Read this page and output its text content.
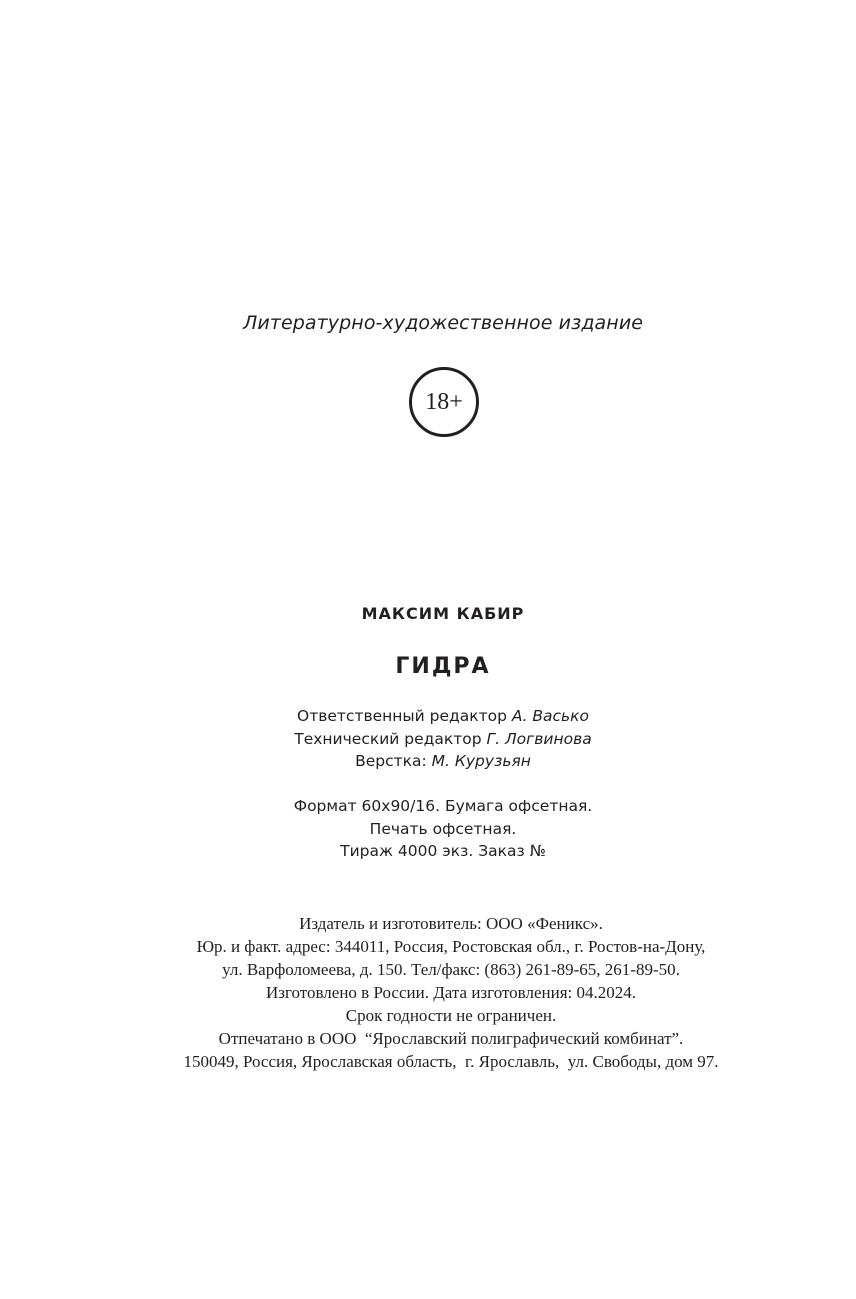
Литературно-художественное издание
18+
МАКСИМ КАБИР
ГИДРА
Ответственный редактор А. Васько
Технический редактор Г. Логвинова
Верстка: М. Курузьян
Формат 60x90/16. Бумага офсетная.
Печать офсетная.
Тираж 4000 экз. Заказ №
Издатель и изготовитель: ООО «Феникс».
Юр. и факт. адрес: 344011, Россия, Ростовская обл., г. Ростов-на-Дону,
ул. Варфоломеева, д. 150. Тел/факс: (863) 261-89-65, 261-89-50.
Изготовлено в России. Дата изготовления: 04.2024.
Срок годности не ограничен.
Отпечатано в ООО  “Ярославский полиграфический комбинат”.
150049, Россия, Ярославская область,  г. Ярославль,  ул. Свободы, дом 97.
